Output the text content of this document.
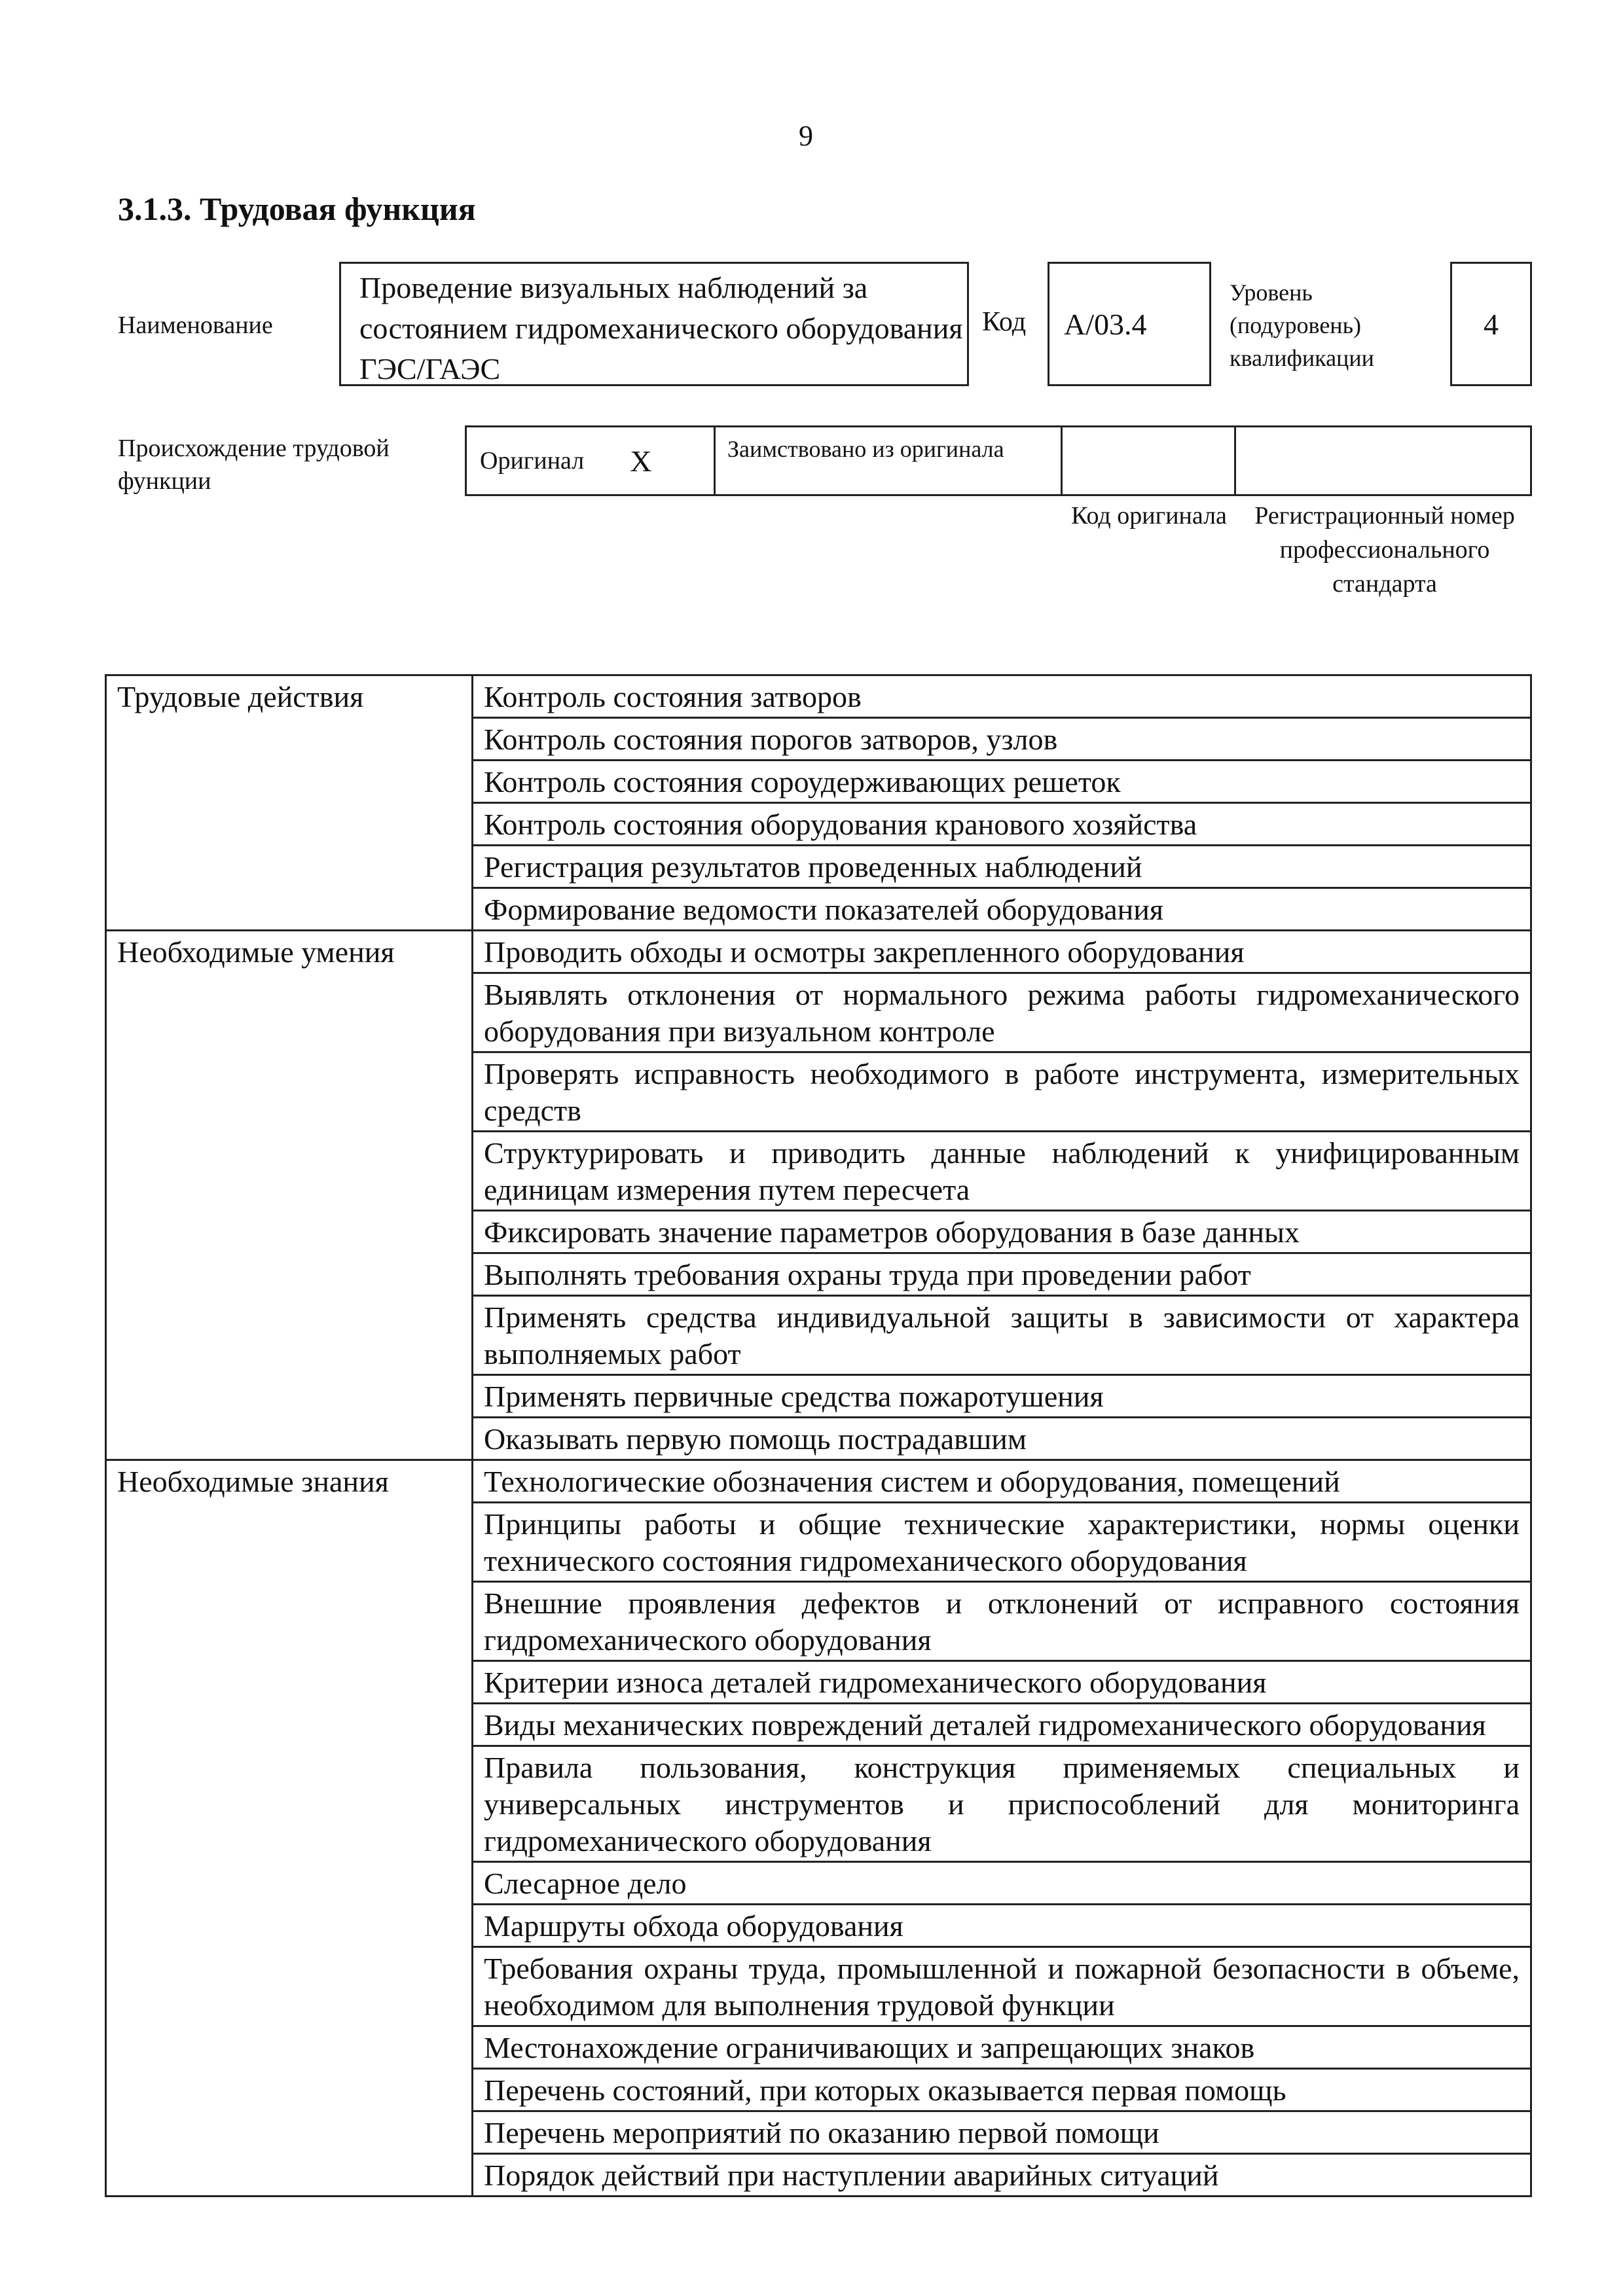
9
3.1.3. Трудовая функция
Наименование
Проведение визуальных наблюдений за состоянием гидромеханического оборудования ГЭС/ГАЭС
Код	A/03.4
Уровень (подуровень) квалификации
4
Происхождение трудовой функции
Оригинал X	Заимствовано из оригинала
Код оригинала	Регистрационный номер профессионального стандарта
Трудовые действия	Контроль состояния затворов
	Контроль состояния порогов затворов, узлов
	Контроль состояния сороудерживающих решеток
	Контроль состояния оборудования кранового хозяйства
	Регистрация результатов проведенных наблюдений
	Формирование ведомости показателей оборудования
Необходимые умения	Проводить обходы и осмотры закрепленного оборудования
	Выявлять отклонения от нормального режима работы гидромеханического оборудования при визуальном контроле
	Проверять исправность необходимого в работе инструмента, измерительных средств
	Структурировать и приводить данные наблюдений к унифицированным единицам измерения путем пересчета
	Фиксировать значение параметров оборудования в базе данных
	Выполнять требования охраны труда при проведении работ
	Применять средства индивидуальной защиты в зависимости от характера выполняемых работ
	Применять первичные средства пожаротушения
	Оказывать первую помощь пострадавшим
Необходимые знания	Технологические обозначения систем и оборудования, помещений
	Принципы работы и общие технические характеристики, нормы оценки технического состояния гидромеханического оборудования
	Внешние проявления дефектов и отклонений от исправного состояния гидромеханического оборудования
	Критерии износа деталей гидромеханического оборудования
	Виды механических повреждений деталей гидромеханического оборудования
	Правила пользования, конструкция применяемых специальных и универсальных инструментов и приспособлений для мониторинга гидромеханического оборудования
	Слесарное дело
	Маршруты обхода оборудования
	Требования охраны труда, промышленной и пожарной безопасности в объеме, необходимом для выполнения трудовой функции
	Местонахождение ограничивающих и запрещающих знаков
	Перечень состояний, при которых оказывается первая помощь
	Перечень мероприятий по оказанию первой помощи
	Порядок действий при наступлении аварийных ситуаций
